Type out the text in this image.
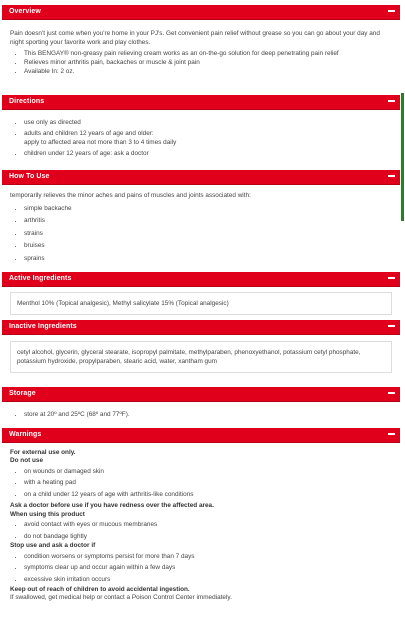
Overview

Pain doesn't just come when you're home in your PJ's. Get convenient pain relief without grease so you can go about your day and night sporting your favorite work and play clothes.

• This BENGAY® non-greasy pain relieving cream works as an on-the-go solution for deep penetrating pain relief
• Relieves minor arthritis pain, backaches or muscle & joint pain
• Available In: 2 oz.
Directions
• use only as directed
• adults and children 12 years of age and older:
apply to affected area not more than 3 to 4 times daily
• children under 12 years of age: ask a doctor
How To Use

temporarily relieves the minor aches and pains of muscles and joints associated with:

• simple backache
• arthritis
• strains
• bruises
• sprains
Active Ingredients
Menthol 10% (Topical analgesic), Methyl salicylate 15% (Topical analgesic)
Inactive Ingredients
cetyl alcohol, glycerin, glyceral stearate, isopropyl palmitate, methylparaben, phenoxyethanol, potassium cetyl phosphate, potassium hydroxide, propylparaben, stearic acid, water, xantham gum
Storage
• store at 20º and 25ºC (68º and 77ºF).
Warnings
For external use only.
Do not use
• on wounds or damaged skin
• with a heating pad
• on a child under 12 years of age with arthritis-like conditions
Ask a doctor before use if you have redness over the affected area.
When using this product
• avoid contact with eyes or mucous membranes
• do not bandage tightly
Stop use and ask a doctor if
• condition worsens or symptoms persist for more than 7 days
• symptoms clear up and occur again within a few days
• excessive skin irritation occurs
Keep out of reach of children to avoid accidental ingestion.
If swallowed, get medical help or contact a Poison Control Center immediately.
